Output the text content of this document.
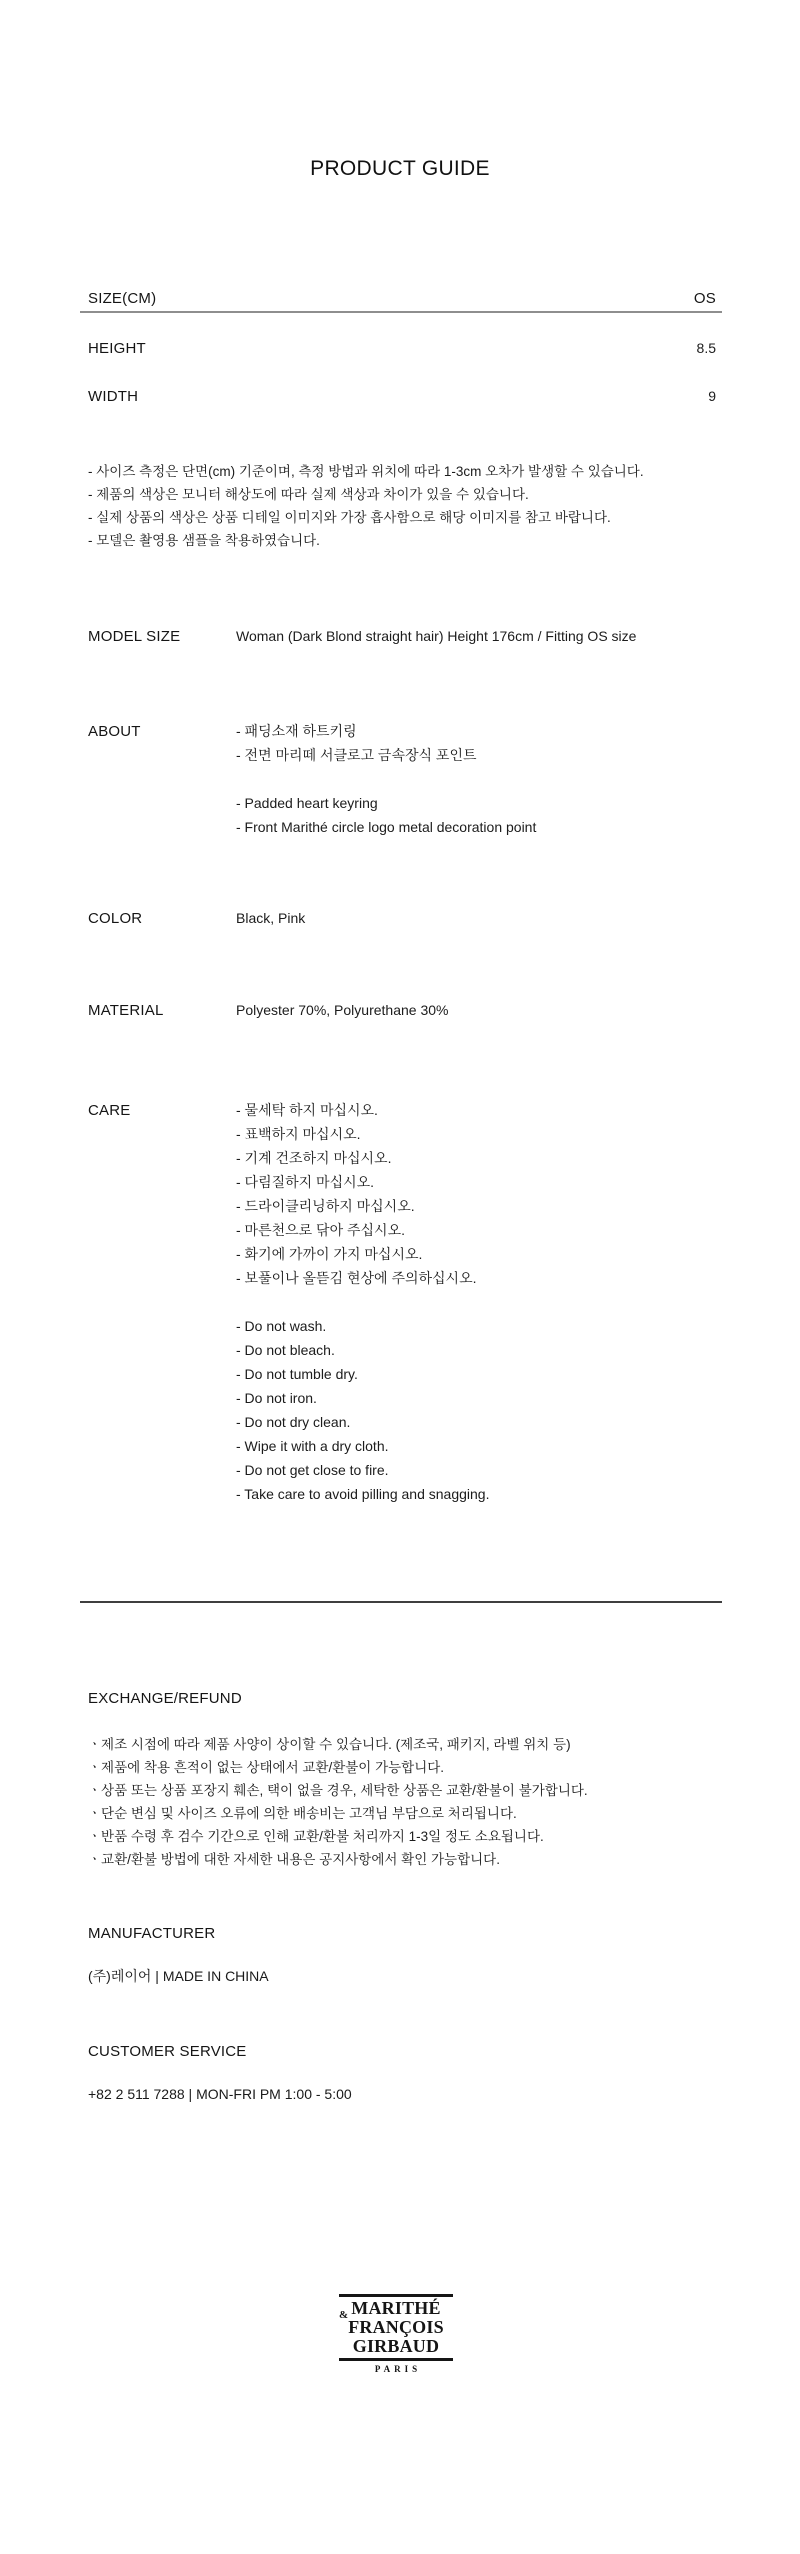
PRODUCT GUIDE
SIZE(CM)	OS
HEIGHT	8.5
WIDTH	9
- 사이즈 측정은 단면(cm) 기준이며, 측정 방법과 위치에 따라 1-3cm 오차가 발생할 수 있습니다.
- 제품의 색상은 모니터 해상도에 따라 실제 색상과 차이가 있을 수 있습니다.
- 실제 상품의 색상은 상품 디테일 이미지와 가장 흡사함으로 해당 이미지를 참고 바랍니다.
- 모델은 촬영용 샘플을 착용하였습니다.
MODEL SIZE	Woman (Dark Blond straight hair) Height 176cm / Fitting OS size
ABOUT	- 패딩소재 하트키링
- 전면 마리떼 서클로고 금속장식 포인트
- Padded heart keyring
- Front Marithé circle logo metal decoration point
COLOR	Black, Pink
MATERIAL	Polyester 70%, Polyurethane 30%
CARE	- 물세탁 하지 마십시오.
- 표백하지 마십시오.
- 기계 건조하지 마십시오.
- 다림질하지 마십시오.
- 드라이클리닝하지 마십시오.
- 마른천으로 닦아 주십시오.
- 화기에 가까이 가지 마십시오.
- 보풀이나 올뜯김 현상에 주의하십시오.
- Do not wash.
- Do not bleach.
- Do not tumble dry.
- Do not iron.
- Do not dry clean.
- Wipe it with a dry cloth.
- Do not get close to fire.
- Take care to avoid pilling and snagging.
EXCHANGE/REFUND
ㆍ제조 시점에 따라 제품 사양이 상이할 수 있습니다. (제조국, 패키지, 라벨 위치 등)
ㆍ제품에 착용 흔적이 없는 상태에서 교환/환불이 가능합니다.
ㆍ상품 또는 상품 포장지 훼손, 택이 없을 경우, 세탁한 상품은 교환/환불이 불가합니다.
ㆍ단순 변심 및 사이즈 오류에 의한 배송비는 고객님 부담으로 처리됩니다.
ㆍ반품 수령 후 검수 기간으로 인해 교환/환불 처리까지 1-3일 정도 소요됩니다.
ㆍ교환/환불 방법에 대한 자세한 내용은 공지사항에서 확인 가능합니다.
MANUFACTURER
(주)레이어 | MADE IN CHINA
CUSTOMER SERVICE
+82 2 511 7288 | MON-FRI PM 1:00 - 5:00
MARITHÉ
&
FRANÇOIS
GIRBAUD
PARIS
